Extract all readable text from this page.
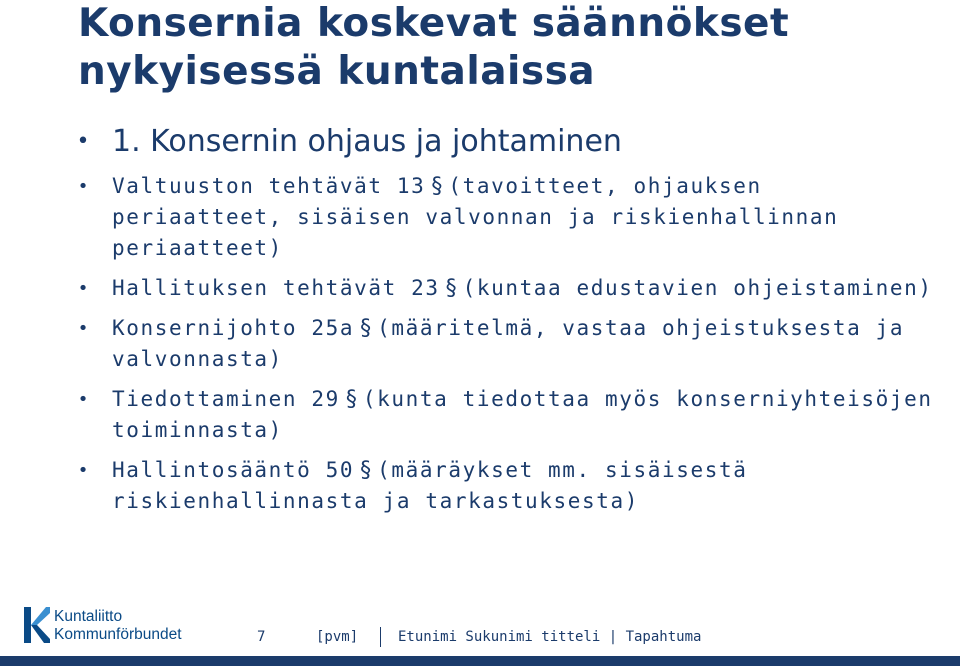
Konsernia koskevat säännökset nykyisessä kuntalaissa
• 1. Konsernin ohjaus ja johtaminen
• Valtuuston tehtävät 13 § (tavoitteet, ohjauksen periaatteet, sisäisen valvonnan ja riskienhallinnan periaatteet)
• Hallituksen tehtävät 23 § (kuntaa edustavien ohjeistaminen)
• Konsernijohto 25a § (määritelmä, vastaa ohjeistuksesta ja valvonnasta)
• Tiedottaminen 29 § (kunta tiedottaa myös konserniyhteisöjen toiminnasta)
• Hallintosääntö 50 § (määräykset mm. sisäisestä riskienhallinnasta ja tarkastuksesta)
Kuntaliitto
Kommunförbundet	7	[pvm]	Etunimi Sukunimi titteli | Tapahtuma
